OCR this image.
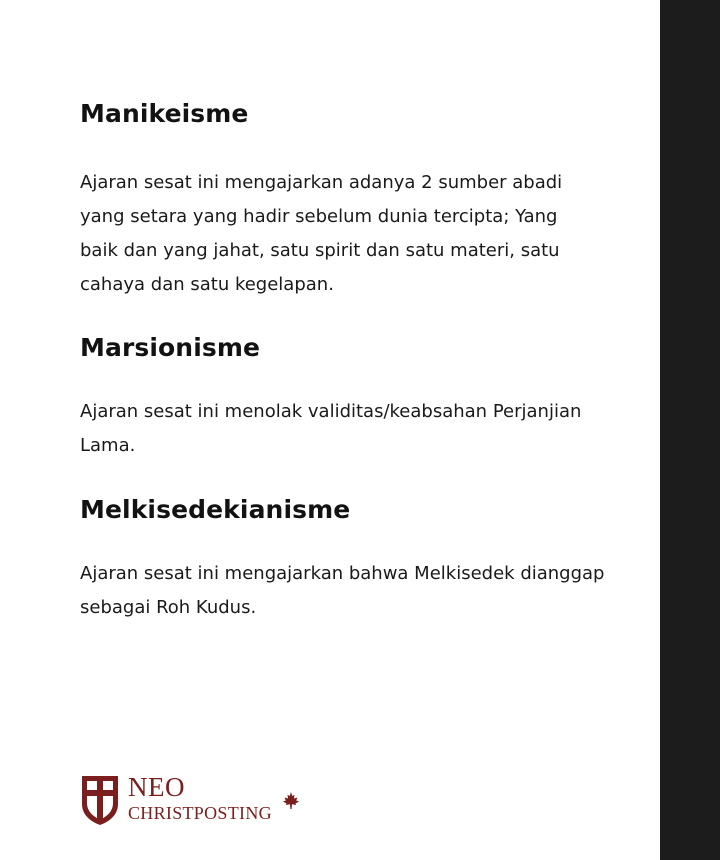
Manikeisme

Ajaran sesat ini mengajarkan adanya 2 sumber abadi yang setara yang hadir sebelum dunia tercipta; Yang baik dan yang jahat, satu spirit dan satu materi, satu cahaya dan satu kegelapan.

Marsionisme

Ajaran sesat ini menolak validitas/keabsahan Perjanjian Lama.

Melkisedekianisme

Ajaran sesat ini mengajarkan bahwa Melkisedek dianggap sebagai Roh Kudus.

NEO
CHRISTPOSTING
